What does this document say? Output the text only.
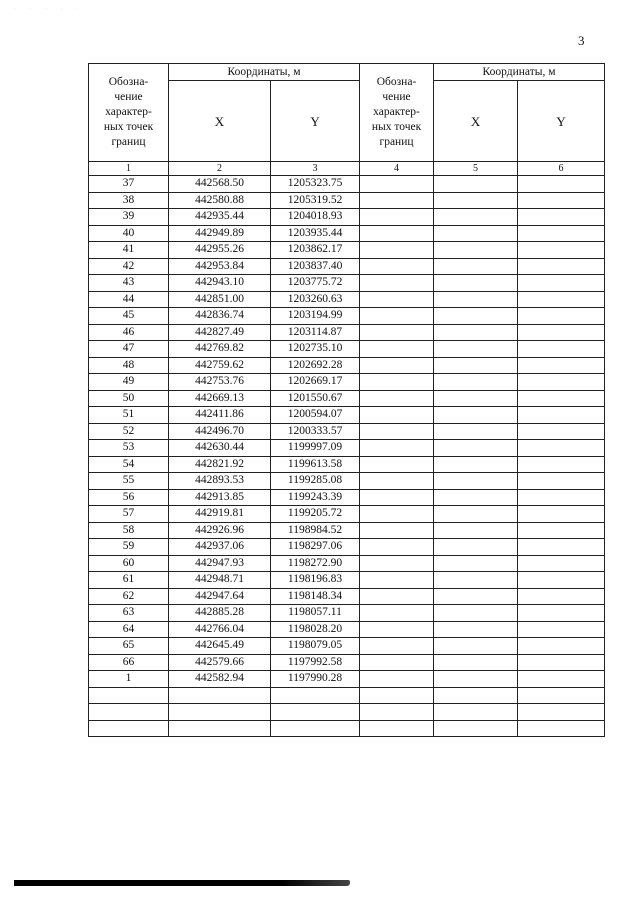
· · · · ·
3
Обозна-
чение
характер-
ных точек
границ	Координаты, м		Обозна-
чение
характер-
ных точек
границ	Координаты, м	
	X	Y		X	Y
1	2	3	4	5	6
37	442568.50	1205323.75			
38	442580.88	1205319.52			
39	442935.44	1204018.93			
40	442949.89	1203935.44			
41	442955.26	1203862.17			
42	442953.84	1203837.40			
43	442943.10	1203775.72			
44	442851.00	1203260.63			
45	442836.74	1203194.99			
46	442827.49	1203114.87			
47	442769.82	1202735.10			
48	442759.62	1202692.28			
49	442753.76	1202669.17			
50	442669.13	1201550.67			
51	442411.86	1200594.07			
52	442496.70	1200333.57			
53	442630.44	1199997.09			
54	442821.92	1199613.58			
55	442893.53	1199285.08			
56	442913.85	1199243.39			
57	442919.81	1199205.72			
58	442926.96	1198984.52			
59	442937.06	1198297.06			
60	442947.93	1198272.90			
61	442948.71	1198196.83			
62	442947.64	1198148.34			
63	442885.28	1198057.11			
64	442766.04	1198028.20			
65	442645.49	1198079.05			
66	442579.66	1197992.58			
1	442582.94	1197990.28			
